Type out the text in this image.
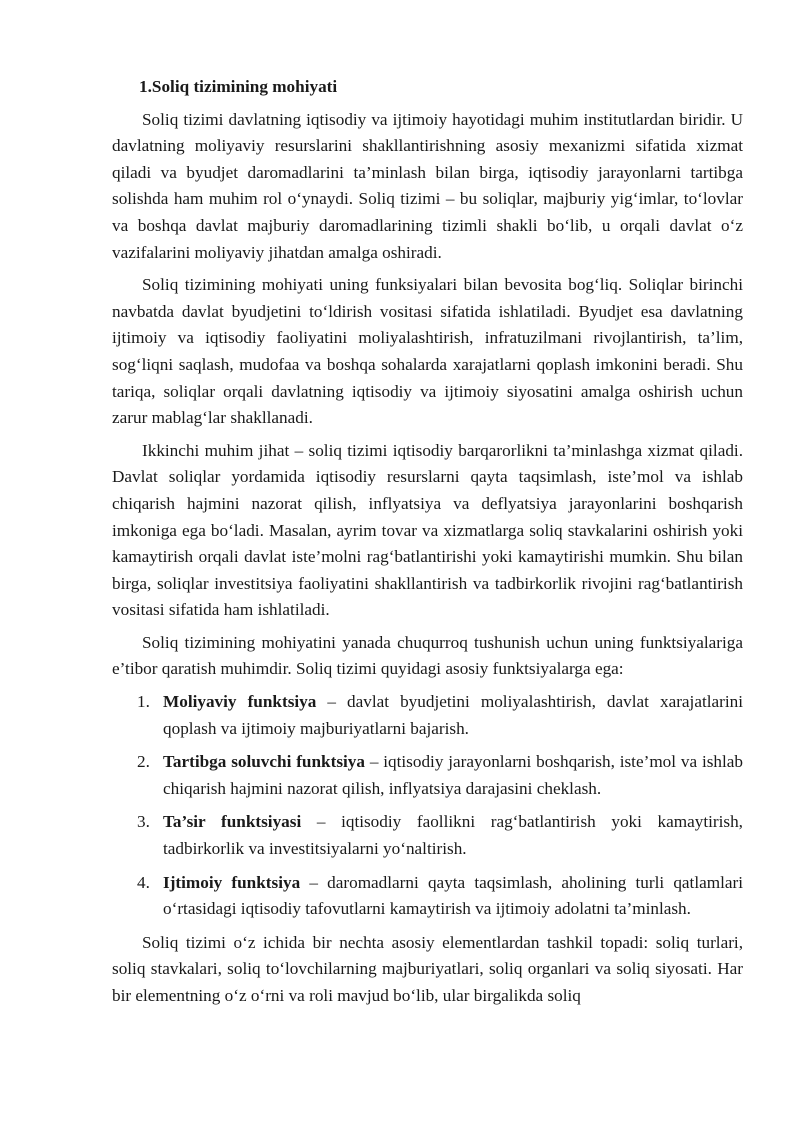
1.Soliq tizimining mohiyati

Soliq tizimi davlatning iqtisodiy va ijtimoiy hayotidagi muhim institutlardan biridir. U davlatning moliyaviy resurslarini shakllantirishning asosiy mexanizmi sifatida xizmat qiladi va byudjet daromadlarini ta’minlash bilan birga, iqtisodiy jarayonlarni tartibga solishda ham muhim rol o‘ynaydi. Soliq tizimi – bu soliqlar, majburiy yig‘imlar, to‘lovlar va boshqa davlat majburiy daromadlarining tizimli shakli bo‘lib, u orqali davlat o‘z vazifalarini moliyaviy jihatdan amalga oshiradi.

Soliq tizimining mohiyati uning funksiyalari bilan bevosita bog‘liq. Soliqlar birinchi navbatda davlat byudjetini to‘ldirish vositasi sifatida ishlatiladi. Byudjet esa davlatning ijtimoiy va iqtisodiy faoliyatini moliyalashtirish, infratuzilmani rivojlantirish, ta’lim, sog‘liqni saqlash, mudofaa va boshqa sohalarda xarajatlarni qoplash imkonini beradi. Shu tariqa, soliqlar orqali davlatning iqtisodiy va ijtimoiy siyosatini amalga oshirish uchun zarur mablag‘lar shakllanadi.

Ikkinchi muhim jihat – soliq tizimi iqtisodiy barqarorlikni ta’minlashga xizmat qiladi. Davlat soliqlar yordamida iqtisodiy resurslarni qayta taqsimlash, iste’mol va ishlab chiqarish hajmini nazorat qilish, inflyatsiya va deflyatsiya jarayonlarini boshqarish imkoniga ega bo‘ladi. Masalan, ayrim tovar va xizmatlarga soliq stavkalarini oshirish yoki kamaytirish orqali davlat iste’molni rag‘batlantirishi yoki kamaytirishi mumkin. Shu bilan birga, soliqlar investitsiya faoliyatini shakllantirish va tadbirkorlik rivojini rag‘batlantirish vositasi sifatida ham ishlatiladi.

Soliq tizimining mohiyatini yanada chuqurroq tushunish uchun uning funktsiyalariga e’tibor qaratish muhimdir. Soliq tizimi quyidagi asosiy funktsiyalarga ega:

1. Moliyaviy funktsiya – davlat byudjetini moliyalashtirish, davlat xarajatlarini qoplash va ijtimoiy majburiyatlarni bajarish.
2. Tartibga soluvchi funktsiya – iqtisodiy jarayonlarni boshqarish, iste’mol va ishlab chiqarish hajmini nazorat qilish, inflyatsiya darajasini cheklash.
3. Ta’sir funktsiyasi – iqtisodiy faollikni rag‘batlantirish yoki kamaytirish, tadbirkorlik va investitsiyalarni yo‘naltirish.
4. Ijtimoiy funktsiya – daromadlarni qayta taqsimlash, aholining turli qatlamlari o‘rtasidagi iqtisodiy tafovutlarni kamaytirish va ijtimoiy adolatni ta’minlash.

Soliq tizimi o‘z ichida bir nechta asosiy elementlardan tashkil topadi: soliq turlari, soliq stavkalari, soliq to‘lovchilarning majburiyatlari, soliq organlari va soliq siyosati. Har bir elementning o‘z o‘rni va roli mavjud bo‘lib, ular birgalikda soliq
